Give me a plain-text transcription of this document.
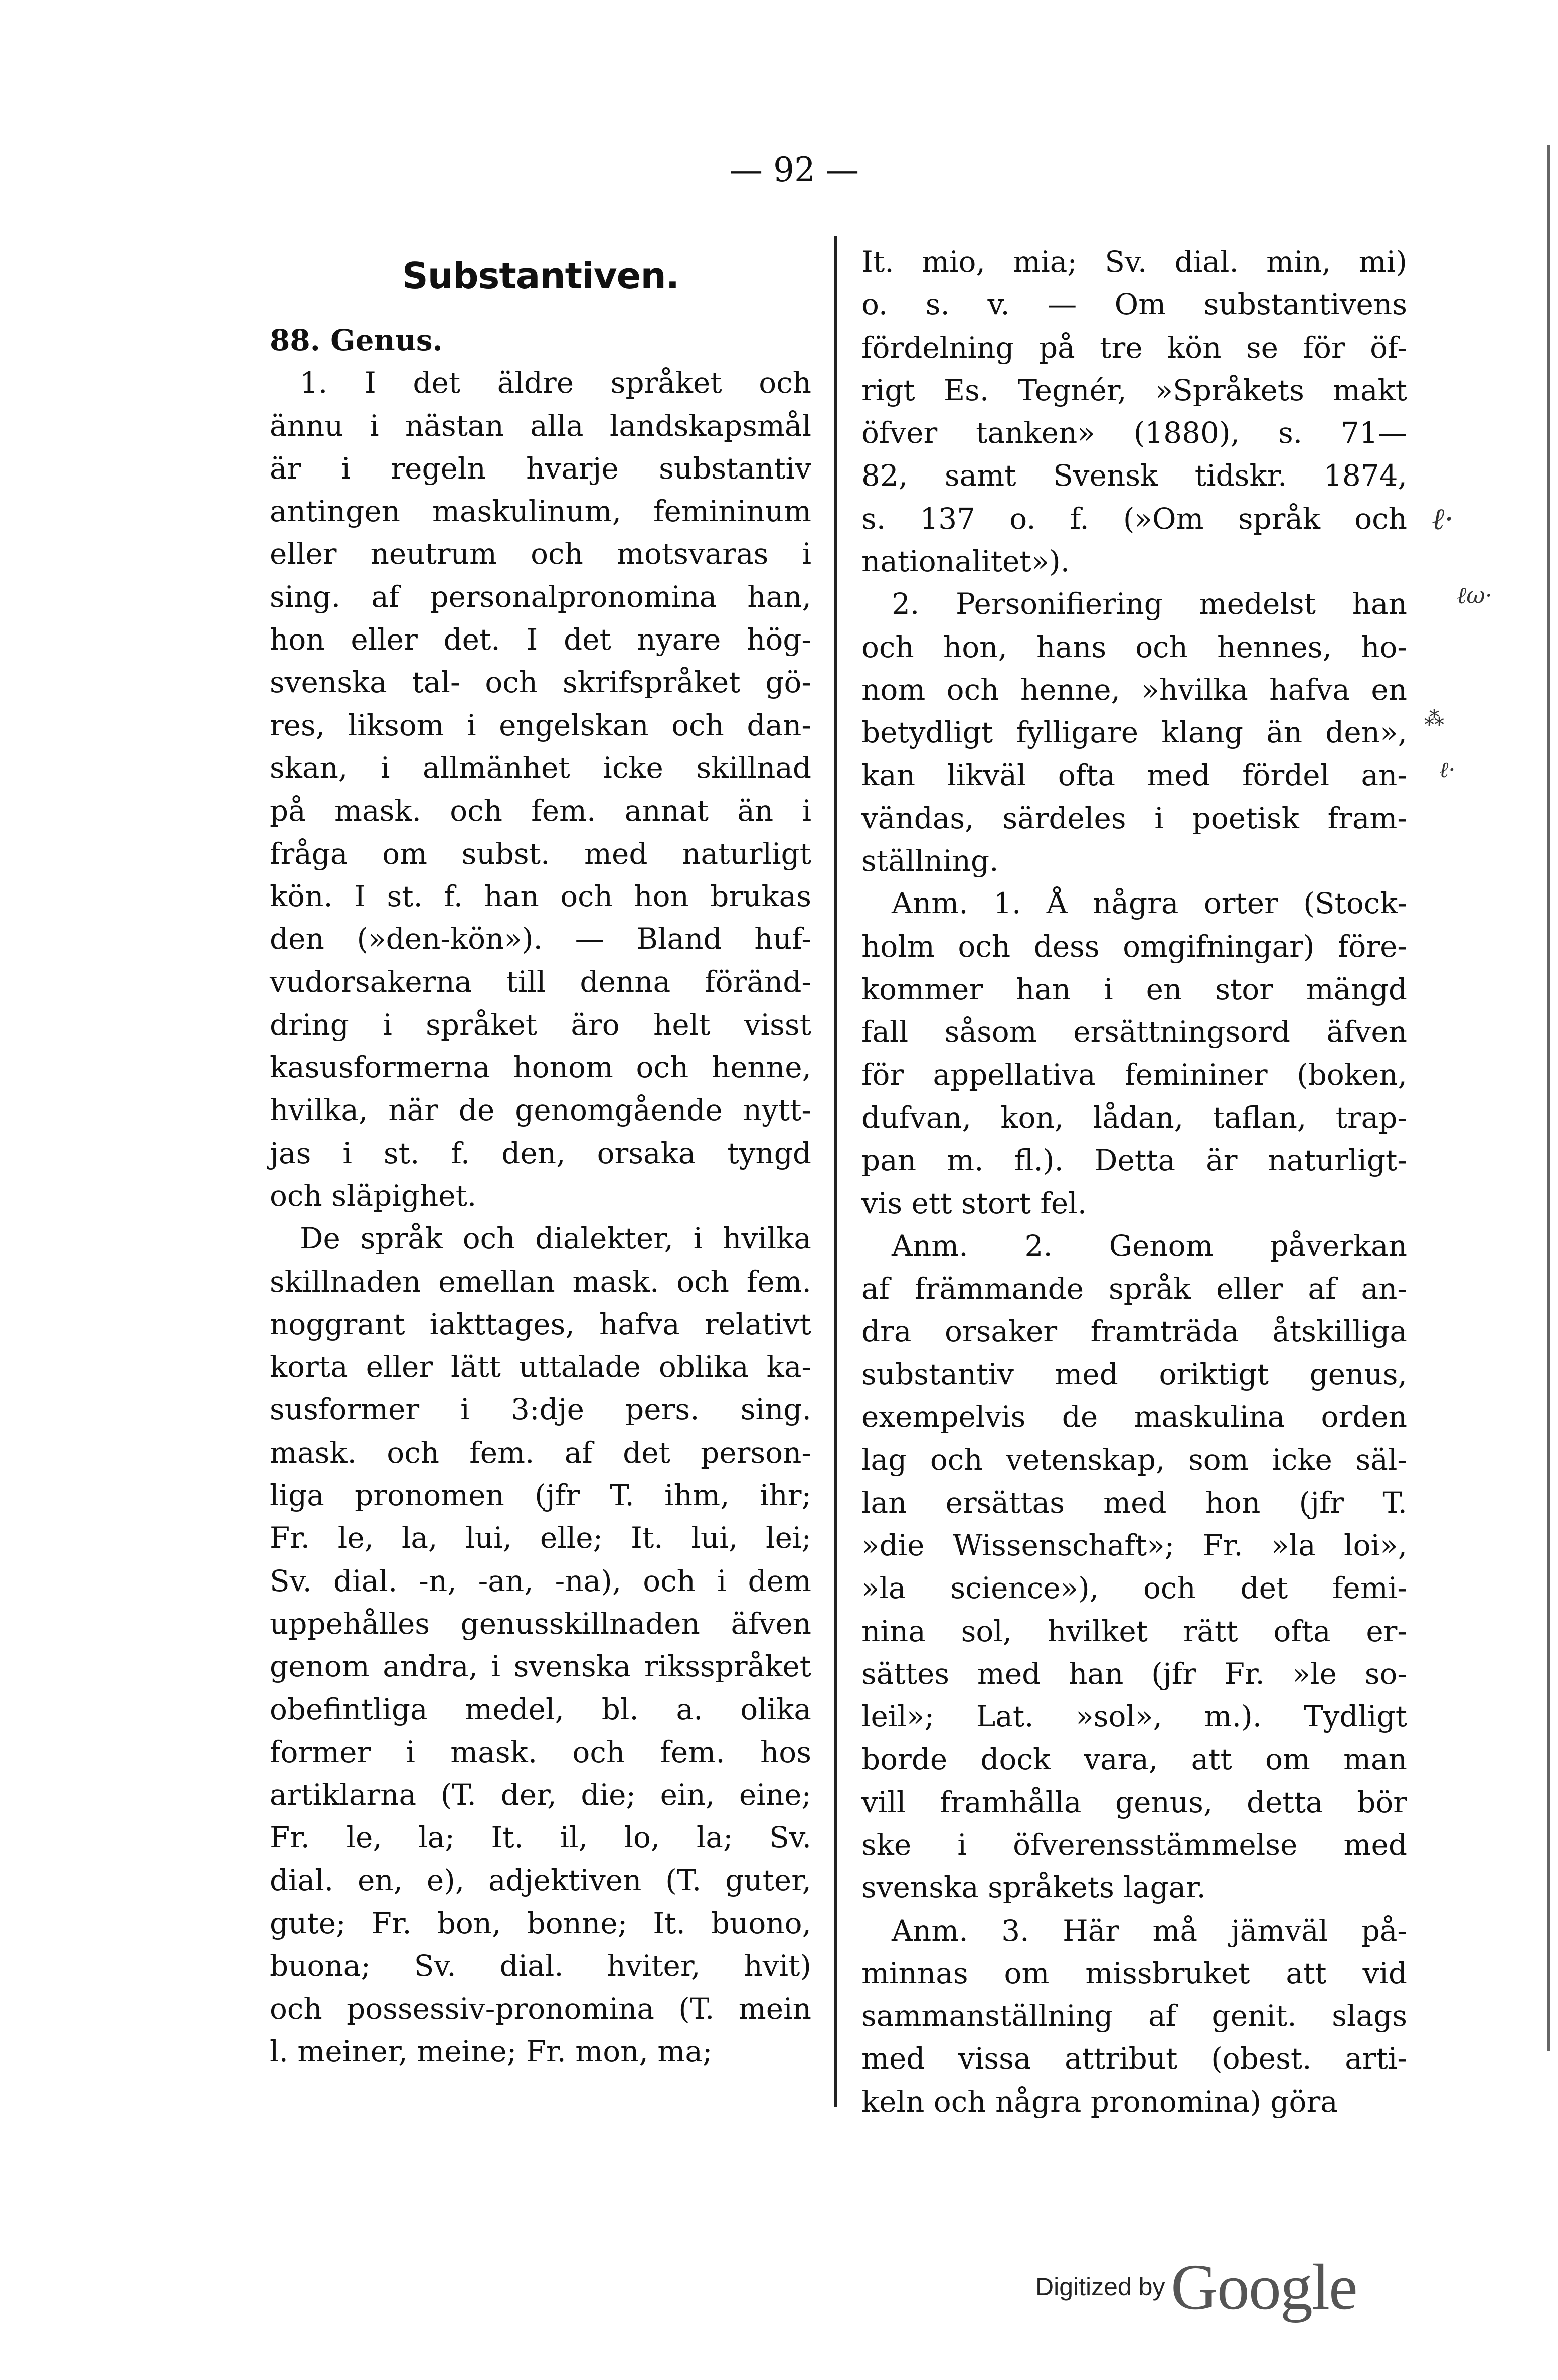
— 92 —
Substantiven.
88. Genus.
1. I det äldre språket och
ännu i nästan alla landskapsmål
är i regeln hvarje substantiv
antingen maskulinum, femininum
eller neutrum och motsvaras i
sing. af personalpronomina han,
hon eller det. I det nyare hög-
svenska tal- och skrifspråket gö-
res, liksom i engelskan och dan-
skan, i allmänhet icke skillnad
på mask. och fem. annat än i
fråga om subst. med naturligt
kön. I st. f. han och hon brukas
den (»den-kön»). — Bland huf-
vudorsakerna till denna föränd-
dring i språket äro helt visst
kasusformerna honom och henne,
hvilka, när de genomgående nytt-
jas i st. f. den, orsaka tyngd
och släpighet.
De språk och dialekter, i hvilka
skillnaden emellan mask. och fem.
noggrant iakttages, hafva relativt
korta eller lätt uttalade oblika ka-
susformer i 3:dje pers. sing.
mask. och fem. af det person-
liga pronomen (jfr T. ihm, ihr;
Fr. le, la, lui, elle; It. lui, lei;
Sv. dial. -n, -an, -na), och i dem
uppehålles genusskillnaden äfven
genom andra, i svenska riksspråket
obefintliga medel, bl. a. olika
former i mask. och fem. hos
artiklarna (T. der, die; ein, eine;
Fr. le, la; It. il, lo, la; Sv.
dial. en, e), adjektiven (T. guter,
gute; Fr. bon, bonne; It. buono,
buona; Sv. dial. hviter, hvit)
och possessiv-pronomina (T. mein
l. meiner, meine; Fr. mon, ma;
It. mio, mia; Sv. dial. min, mi)
o. s. v. — Om substantivens
fördelning på tre kön se för öf-
rigt Es. Tegnér, »Språkets makt
öfver tanken» (1880), s. 71—
82, samt Svensk tidskr. 1874,
s. 137 o. f. (»Om språk och
nationalitet»).
2. Personifiering medelst han
och hon, hans och hennes, ho-
nom och henne, »hvilka hafva en
betydligt fylligare klang än den»,
kan likväl ofta med fördel an-
vändas, särdeles i poetisk fram-
ställning.
Anm. 1. Å några orter (Stock-
holm och dess omgifningar) före-
kommer han i en stor mängd
fall såsom ersättningsord äfven
för appellativa femininer (boken,
dufvan, kon, lådan, taflan, trap-
pan m. fl.). Detta är naturligt-
vis ett stort fel.
Anm. 2. Genom påverkan
af främmande språk eller af an-
dra orsaker framträda åtskilliga
substantiv med oriktigt genus,
exempelvis de maskulina orden
lag och vetenskap, som icke säl-
lan ersättas med hon (jfr T.
»die Wissenschaft»; Fr. »la loi»,
»la science»), och det femi-
nina sol, hvilket rätt ofta er-
sättes med han (jfr Fr. »le so-
leil»; Lat. »sol», m.). Tydligt
borde dock vara, att om man
vill framhålla genus, detta bör
ske i öfverensstämmelse med
svenska språkets lagar.
Anm. 3. Här må jämväl på-
minnas om missbruket att vid
sammanställning af genit. slags
med vissa attribut (obest. arti-
keln och några pronomina) göra
ℓ·
ℓω·
⁂
ℓ·
Digitized by Google
